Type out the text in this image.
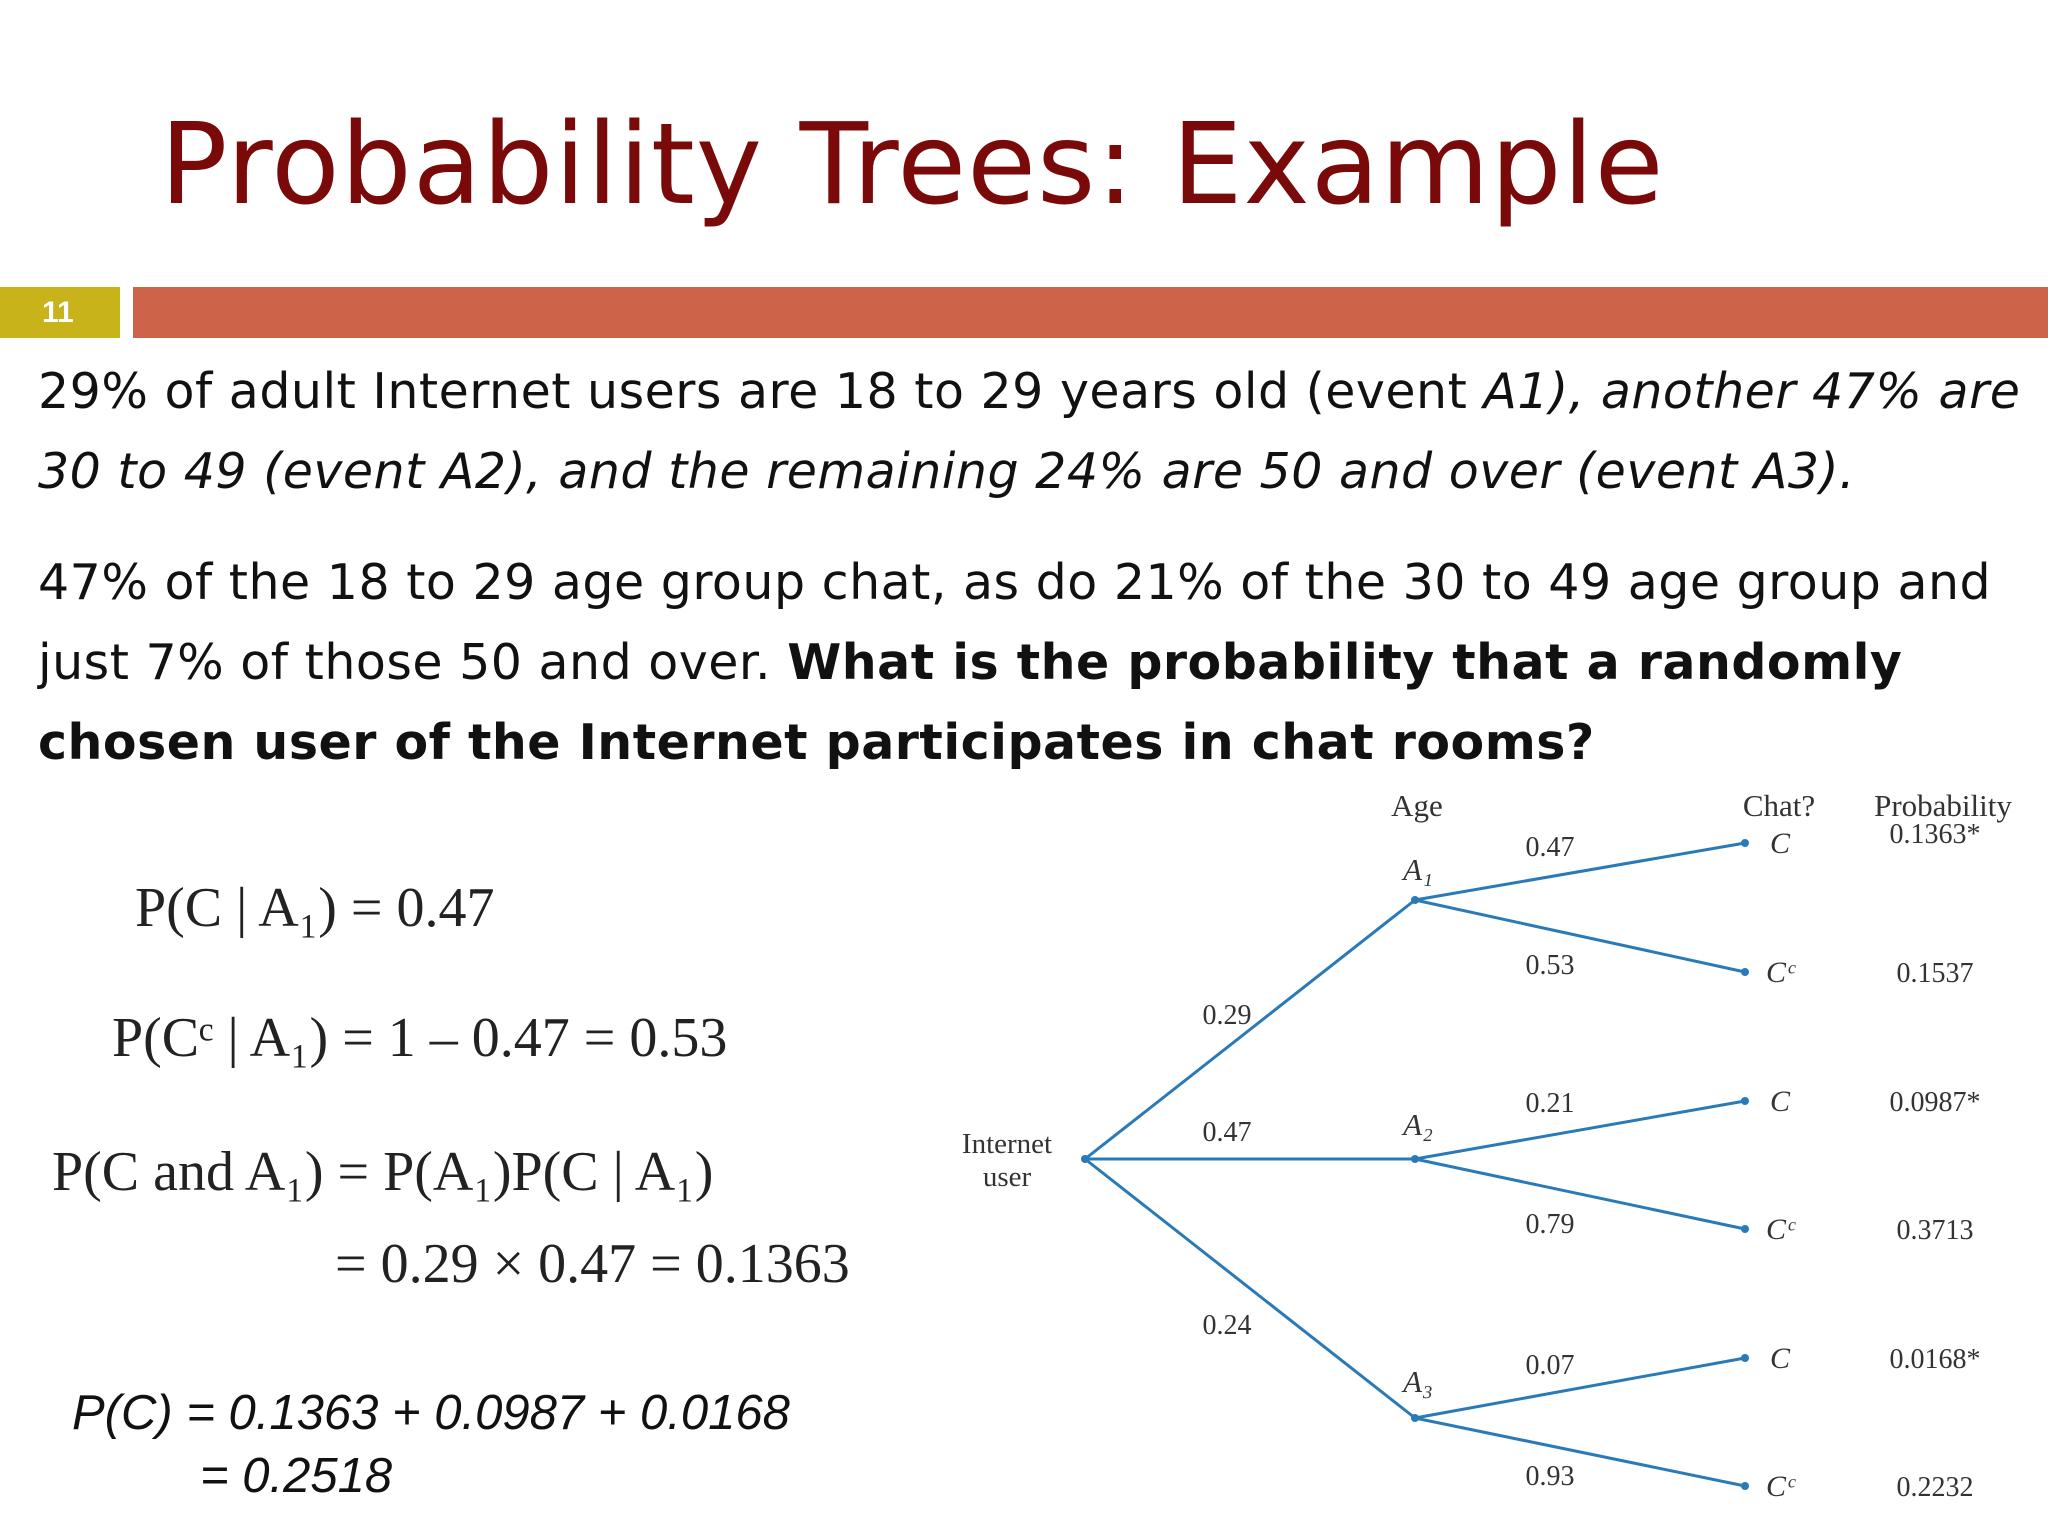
Probability Trees: Example
11
29% of adult Internet users are 18 to 29 years old (event A1), another 47% are 30 to 49 (event A2), and the remaining 24% are 50 and over (event A3).
47% of the 18 to 29 age group chat, as do 21% of the 30 to 49 age group and just 7% of those 50 and over. What is the probability that a randomly chosen user of the Internet participates in chat rooms?
P(C | A₁) = 0.47
P(Cᶜ | A₁) = 1 – 0.47 = 0.53
P(C and A₁) = P(A₁)P(C | A₁)
= 0.29 × 0.47 = 0.1363
P(C) = 0.1363 + 0.0987 + 0.0168
= 0.2518
Age	Chat? Probability
Internet
user
0.29
A₁
0.47	A₂
0.24
A₃
0.47	C	0.1363*
0.53	Cᶜ	0.1537
0.21	C	0.0987*
0.79	Cᶜ	0.3713
0.07	C	0.0168*
0.93	Cᶜ	0.2232
